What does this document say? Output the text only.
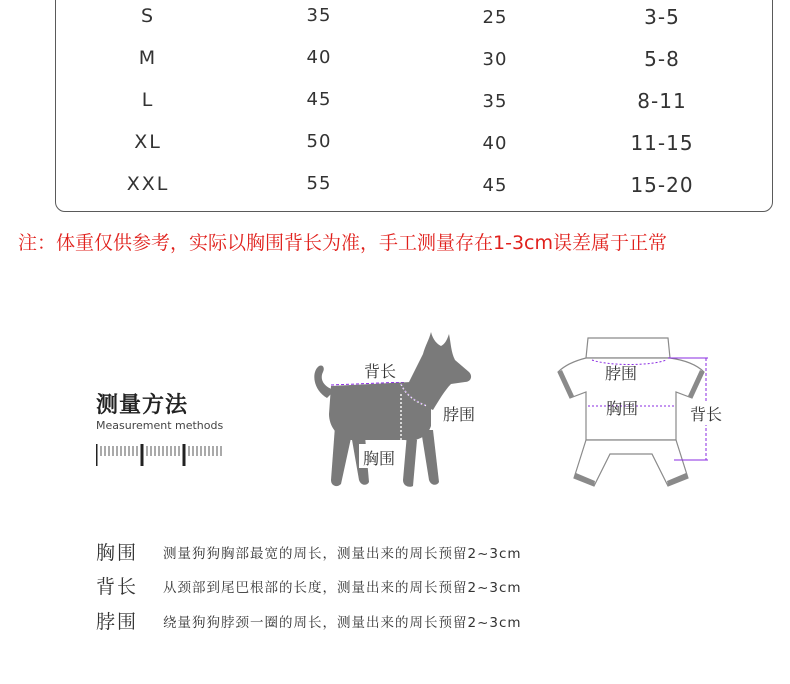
S	35	25	3-5
M	40	30	5-8
L	45	35	8-11
XL	50	40	11-15
XXL	55	45	15-20
注：体重仅供参考，实际以胸围背长为准，手工测量存在1-3cm误差属于正常
测量方法
Measurement methods
背长
脖围
胸围
脖围
胸围	背长
胸围 测量狗狗胸部最宽的周长，测量出来的周长预留2~3cm
背长 从颈部到尾巴根部的长度，测量出来的周长预留2~3cm
脖围 绕量狗狗脖颈一圈的周长，测量出来的周长预留2~3cm
